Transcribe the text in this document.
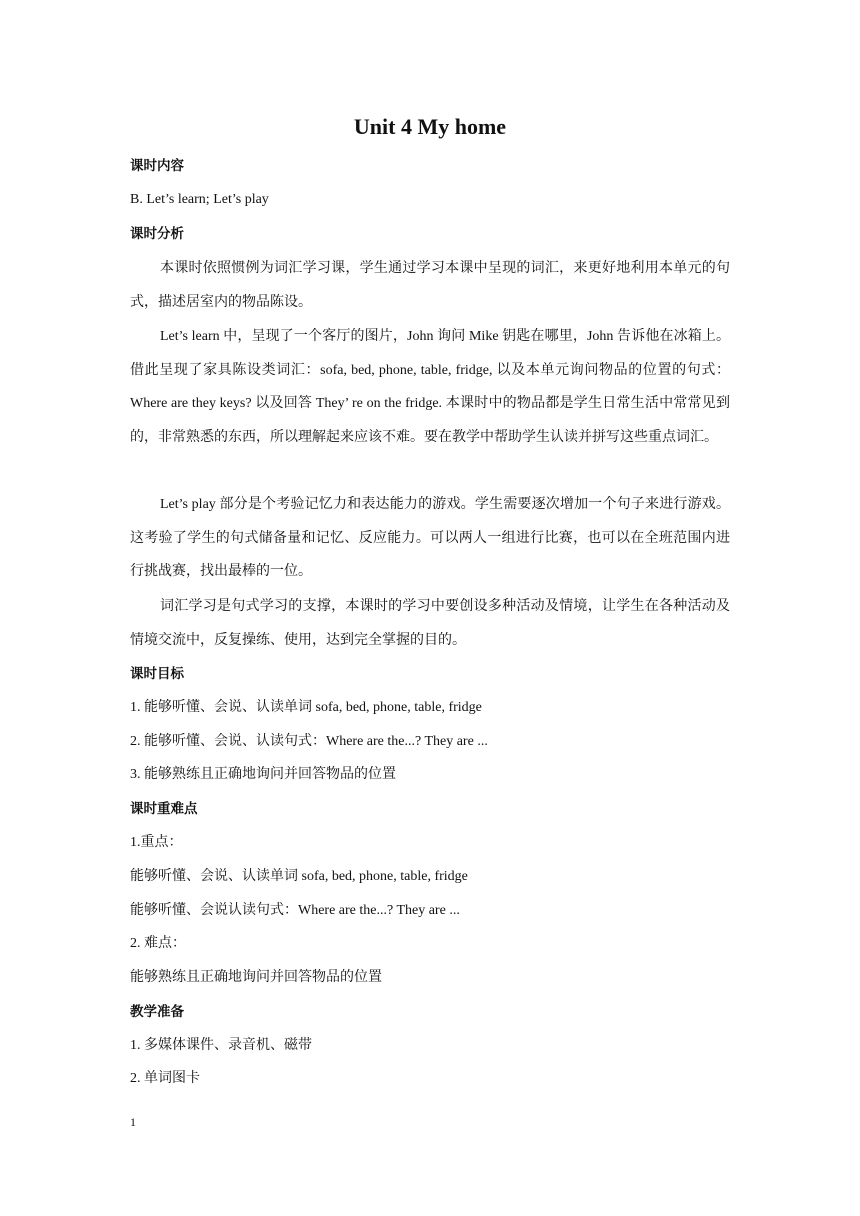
Unit 4 My home
课时内容
B. Let’s learn; Let’s play
课时分析
本课时依照惯例为词汇学习课，学生通过学习本课中呈现的词汇，来更好地利用本单元的句式，描述居室内的物品陈设。
Let’s learn 中，呈现了一个客厅的图片，John 询问 Mike 钥匙在哪里，John 告诉他在冰箱上。借此呈现了家具陈设类词汇：sofa, bed, phone, table, fridge, 以及本单元询问物品的位置的句式：Where are they keys? 以及回答 They’ re on the fridge. 本课时中的物品都是学生日常生活中常常见到的，非常熟悉的东西，所以理解起来应该不难。要在教学中帮助学生认读并拼写这些重点词汇。
Let’s play 部分是个考验记忆力和表达能力的游戏。学生需要逐次增加一个句子来进行游戏。这考验了学生的句式储备量和记忆、反应能力。可以两人一组进行比赛，也可以在全班范围内进行挑战赛，找出最棒的一位。
词汇学习是句式学习的支撑，本课时的学习中要创设多种活动及情境，让学生在各种活动及情境交流中，反复操练、使用，达到完全掌握的目的。
课时目标
1. 能够听懂、会说、认读单词 sofa, bed, phone, table, fridge
2. 能够听懂、会说、认读句式：Where are the...? They are ...
3. 能够熟练且正确地询问并回答物品的位置
课时重难点
1.重点：
能够听懂、会说、认读单词 sofa, bed, phone, table, fridge
能够听懂、会说认读句式：Where are the...? They are ...
2. 难点：
能够熟练且正确地询问并回答物品的位置
教学准备
1. 多媒体课件、录音机、磁带
2. 单词图卡
1
